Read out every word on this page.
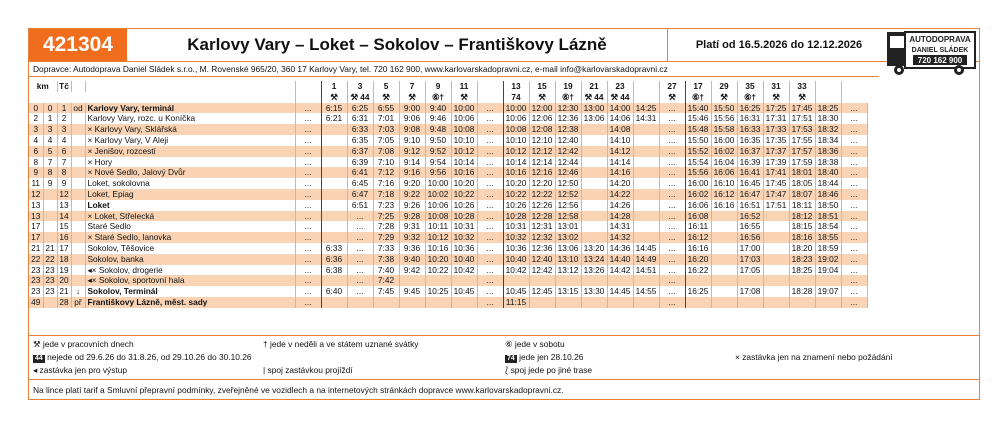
421304	Karlovy Vary – Loket – Sokolov – Františkovy Lázně	Platí od 16.5.2026 do 12.12.2026	AUTODOPRAVA
DANIEL SLÁDEK
720 162 900
Dopravce: Autodoprava Daniel Sládek s.r.o., M. Rovenské 965/20, 360 17 Karlovy Vary, tel. 720 162 900, www.karlovarskadopravni.cz, e-mail info@karlovarskadopravni.cz
km		Tč				1	3	5	7	9	11		13	15	19	21	23		27	17	29	35	31	33		
						⚒	⚒ 44	⚒	⚒	⑥†	⚒		74	⚒	⑥†	⚒ 44	⚒ 44		⚒	⑥†	⚒	⑥†	⚒	⚒		
0	0	1	od	Karlovy Vary, terminál	...	6:15	6:25	6:55	9:00	9:40	10:00	...	10:00	12:00	12:30	13:00	14:00	14:25	...	15:40	15:50	16:25	17:25	17:45	18:25	...
2	1	2		Karlovy Vary, rozc. u Koníčka	...	6:21	6:31	7:01	9:06	9:46	10:06	...	10:06	12:06	12:36	13:06	14:06	14:31	...	15:46	15:56	16:31	17:31	17:51	18:30	...
3	3	3		× Karlovy Vary, Sklářská	...		6:33	7:03	9:08	9:48	10:08	...	10:08	12:08	12:38		14:08		...	15:48	15:58	16:33	17:33	17:53	18:32	...
4	4	4		× Karlovy Vary, V Aleji	...		6:35	7:05	9:10	9:50	10:10	...	10:10	12:10	12:40		14:10		...	15:50	16:00	16:35	17:35	17:55	18:34	...
6	5	6		× Jenišov, rozcestí	...		6:37	7:08	9:12	9:52	10:12	...	10:12	12:12	12:42		14:12		...	15:52	16:02	16:37	17:37	17:57	18:36	...
8	7	7		× Hory	...		6:39	7:10	9:14	9:54	10:14	...	10:14	12:14	12:44		14:14		...	15:54	16:04	16:39	17:39	17:59	18:38	...
9	8	8		× Nové Sedlo, Jalový Dvůr	...		6:41	7:12	9:16	9:56	10:16	...	10:16	12:16	12:46		14:16		...	15:56	16:06	16:41	17:41	18:01	18:40	...
11	9	9		Loket, sokolovna	...		6:45	7:16	9:20	10:00	10:20	...	10:20	12:20	12:50		14:20		...	16:00	16:10	16:45	17:45	18:05	18:44	...
12		12		Loket, Epiag	...		6:47	7:18	9:22	10:02	10:22	...	10:22	12:22	12:52		14:22		...	16:02	16:12	16:47	17:47	18:07	18:46	...
13		13		Loket	...		6:51	7:23	9:26	10:06	10:26	...	10:26	12:26	12:56		14:26		...	16:06	16:16	16:51	17:51	18:11	18:50	...
13		14		× Loket, Střelecká	...		...	7:25	9:28	10:08	10:28	...	10:28	12:28	12:58		14:28		...	16:08		16:52		18:12	18:51	...
17		15		Staré Sedlo	...		...	7:28	9:31	10:11	10:31	...	10:31	12:31	13:01		14:31		...	16:11		16:55		18:15	18:54	...
17		16		× Staré Sedlo, lanovka	...		...	7:29	9:32	10:12	10:32	...	10:32	12:32	13:02		14:32		...	16:12		16:56		18:16	18:55	...
21	21	17		Sokolov, Těšovice	...	6:33	...	7:33	9:36	10:16	10:36	...	10:36	12:36	13:06	13:20	14:36	14:45	...	16:16		17:00		18:20	18:59	...
22	22	18		Sokolov, banka	...	6:36	...	7:38	9:40	10:20	10:40	...	10:40	12:40	13:10	13:24	14:40	14:49	...	16:20		17:03		18:23	19:02	...
23	23	19		◂× Sokolov, drogerie	...	6:38	...	7:40	9:42	10:22	10:42	...	10:42	12:42	13:12	13:26	14:42	14:51	...	16:22		17:05		18:25	19:04	...
23	23	20		◂× Sokolov, sportovní hala	...		...	7:42				...							...							...
23	23	21	↓	Sokolov, Terminál	...	6:40	...	7:45	9:45	10:25	10:45	...	10:45	12:45	13:15	13:30	14:45	14:55	...	16:25		17:08		18:28	19:07	...
49		28	př	Františkovy Lázně, měst. sady	...							...	11:15						...							...
⚒ jede v pracovních dnech	† jede v neděli a ve státem uznané svátky	⑥ jede v sobotu
44 nejede od 29.6.26 do 31.8.26, od 29.10.26 do 30.10.26	74 jede jen 28.10.26	× zastávka jen na znamení nebo požádání
◂ zastávka jen pro výstup	| spoj zastávkou projíždí	⟅ spoj jede po jiné trase
Na lince platí tarif a Smluvní přepravní podmínky, zveřejněné ve vozidlech a na internetových stránkách dopravce www.karlovarskadopravni.cz.
